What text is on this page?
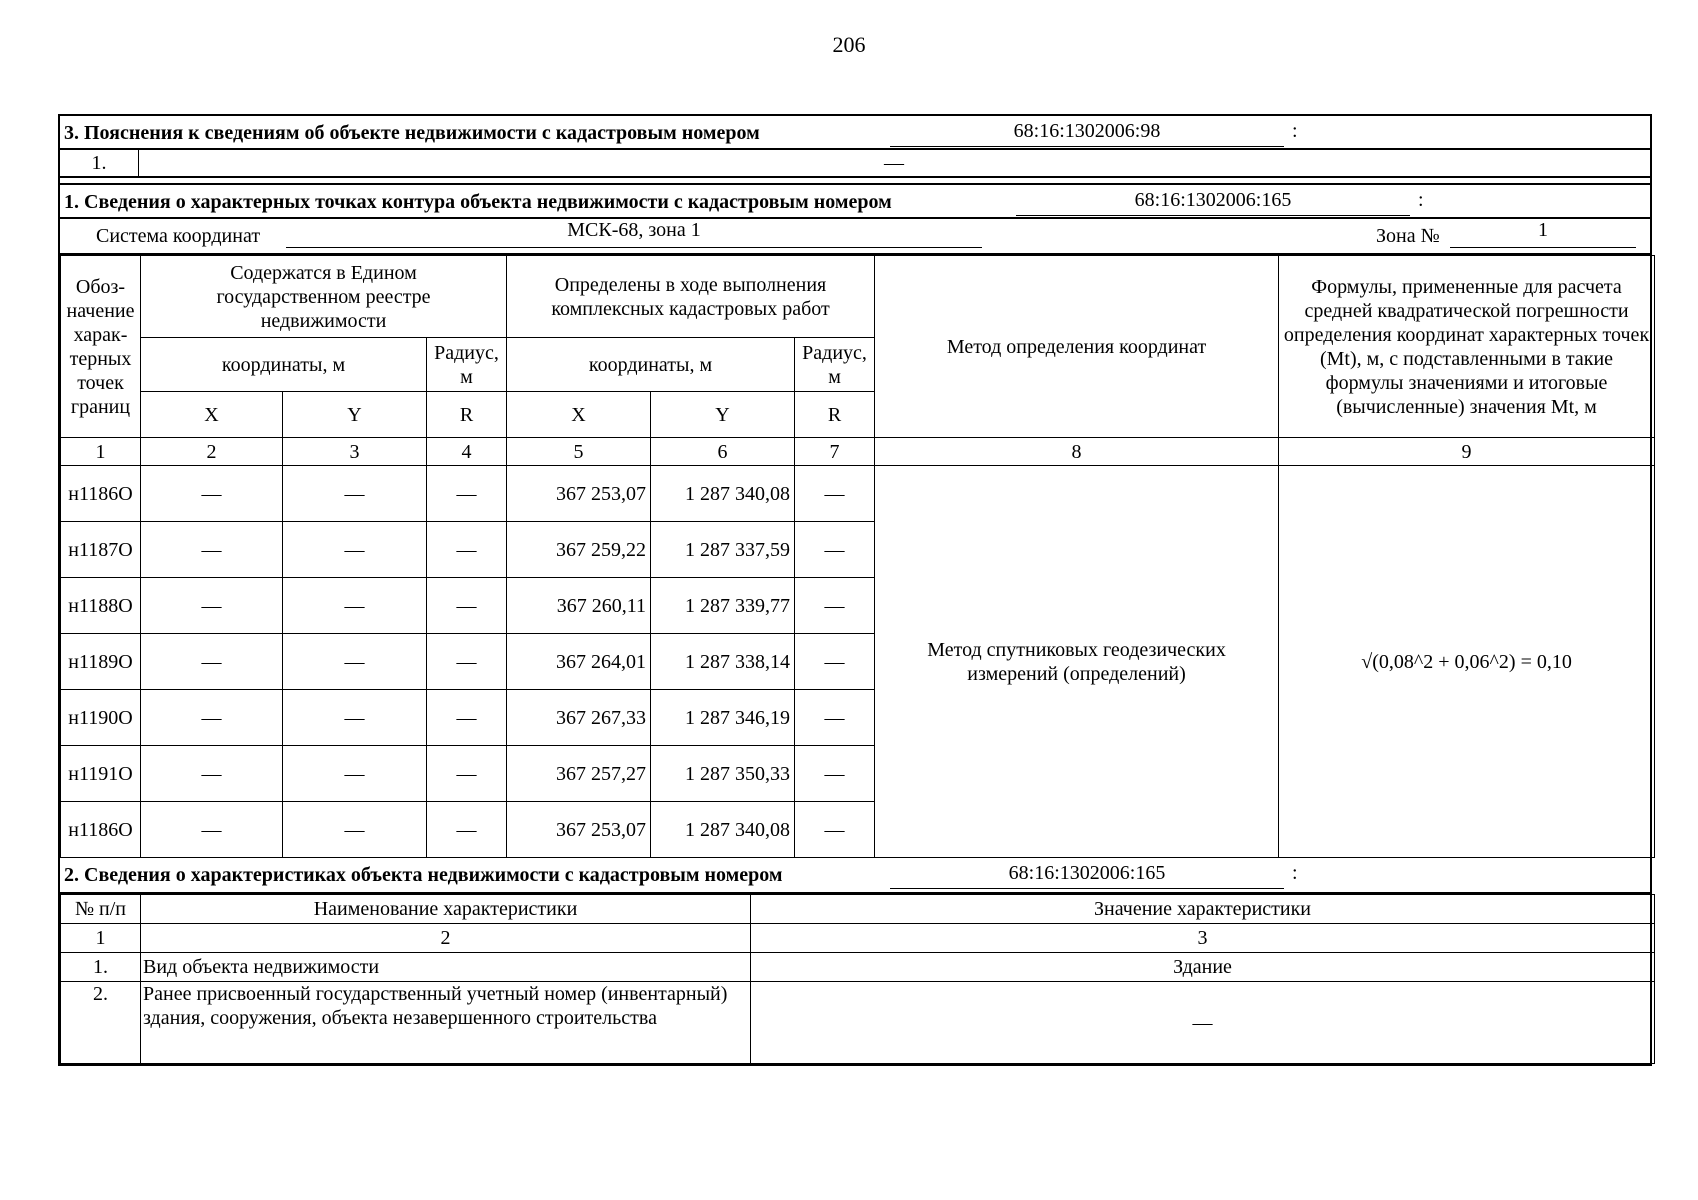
206
3. Пояснения к сведениям об объекте недвижимости с кадастровым номером	68:16:1302006:98	:
1.	—
1. Сведения о характерных точках контура объекта недвижимости с кадастровым номером	68:16:1302006:165	:
Система координат	МСК-68, зона 1	Зона №	1
Обоз-начение харак-терных точек границ	Содержатся в Едином государственном реестре недвижимости			Определены в ходе выполнения комплексных кадастровых работ			Метод определения координат	Формулы, примененные для расчета средней квадратической погрешности определения координат характерных точек (Mt), м, с подставленными в такие формулы значениями и итоговые (вычисленные) значения Mt, м
	координаты, м		Радиус, м	координаты, м		Радиус, м		
	X	Y	R	X	Y	R		
1	2	3	4	5	6	7	8	9
н1186О	—	—	—	367 253,07	1 287 340,08	—	Метод спутниковых геодезических измерений (определений)	√(0,08^2 + 0,06^2) = 0,10
н1187О	—	—	—	367 259,22	1 287 337,59	—		
н1188О	—	—	—	367 260,11	1 287 339,77	—		
н1189О	—	—	—	367 264,01	1 287 338,14	—		
н1190О	—	—	—	367 267,33	1 287 346,19	—		
н1191О	—	—	—	367 257,27	1 287 350,33	—		
н1186О	—	—	—	367 253,07	1 287 340,08	—		
2. Сведения о характеристиках объекта недвижимости с кадастровым номером	68:16:1302006:165	:
№ п/п	Наименование характеристики	Значение характеристики
1	2	3
1.	Вид объекта недвижимости	Здание
2.	Ранее присвоенный государственный учетный номер (инвентарный) здания, сооружения, объекта незавершенного строительства	—
